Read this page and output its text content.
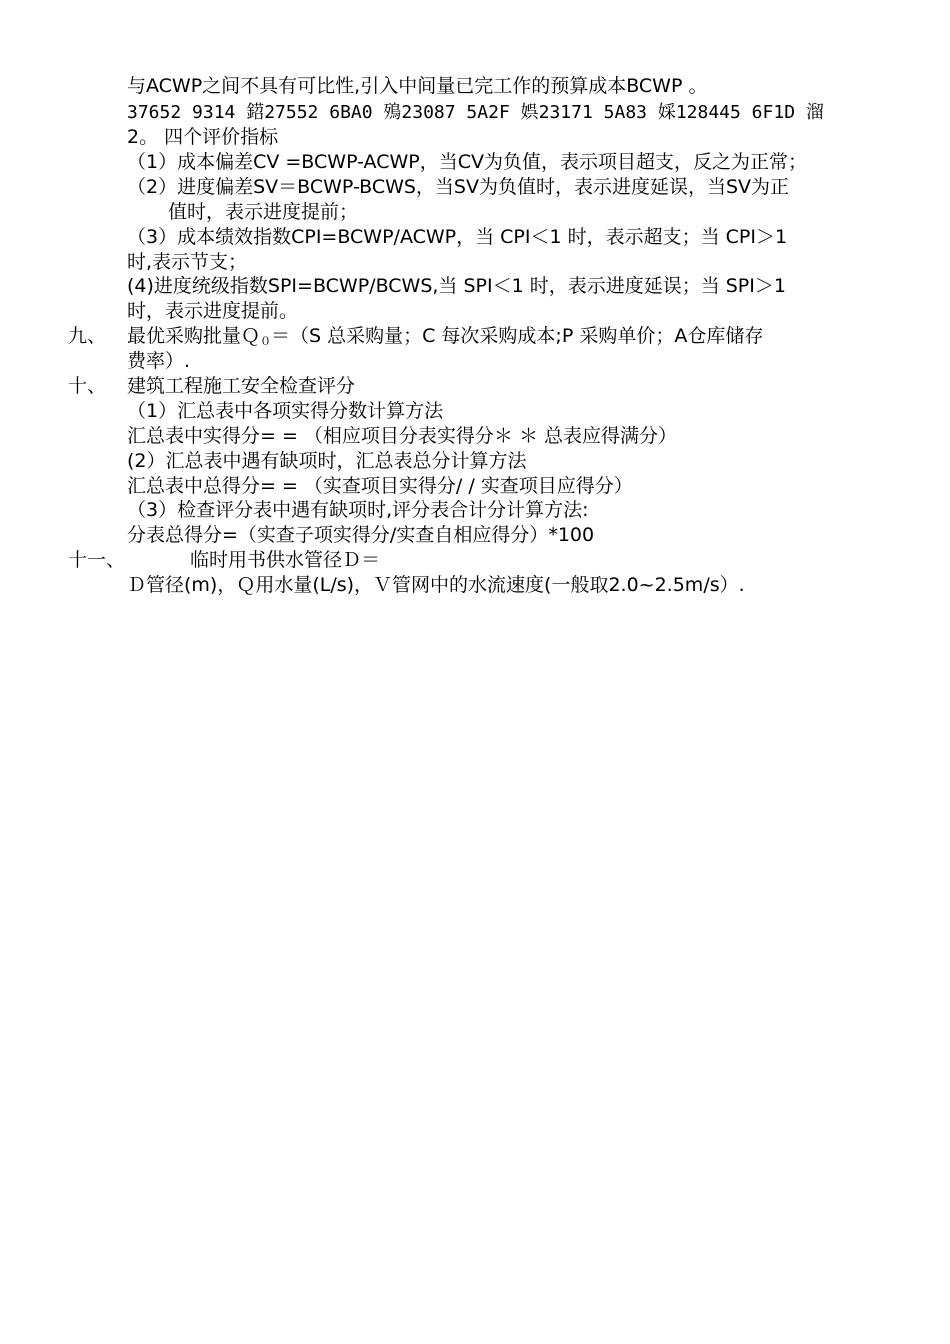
与ACWP之间不具有可比性,引入中间量已完工作的预算成本BCWP 。
37652 9314 鍣27552 6BA0 殦23087 5A2F 娯23171 5A83 婇128445 6F1D 溜
2。 四个评价指标
（1）成本偏差CV =BCWP-ACWP，当CV为负值，表示项目超支，反之为正常；
（2）进度偏差SV＝BCWP-BCWS，当SV为负值时，表示进度延误，当SV为正
值时，表示进度提前；
（3）成本绩效指数CPI=BCWP/ACWP，当 CPI＜1 时，表示超支；当 CPI＞1
时,表示节支；
(4)进度统级指数SPI=BCWP/BCWS,当 SPI＜1 时，表示进度延误；当 SPI＞1
时，表示进度提前。
九、 最优采购批量Ｑ$_0$＝（S 总采购量；C 每次采购成本;P 采购单价；A仓库储存
费率）.
十、 建筑工程施工安全检查评分
（1）汇总表中各项实得分数计算方法
汇总表中实得分= = （相应项目分表实得分＊ ＊ 总表应得满分）
(2）汇总表中遇有缺项时，汇总表总分计算方法
汇总表中总得分= = （实查项目实得分/ / 实查项目应得分）
（3）检查评分表中遇有缺项时,评分表合计分计算方法:
分表总得分=（实查子项实得分/实查自相应得分）*100
十一、	临时用书供水管径Ｄ＝
Ｄ管径(m)，Ｑ用水量(L/s)，Ｖ管网中的水流速度(一般取2.0~2.5m/s）.
